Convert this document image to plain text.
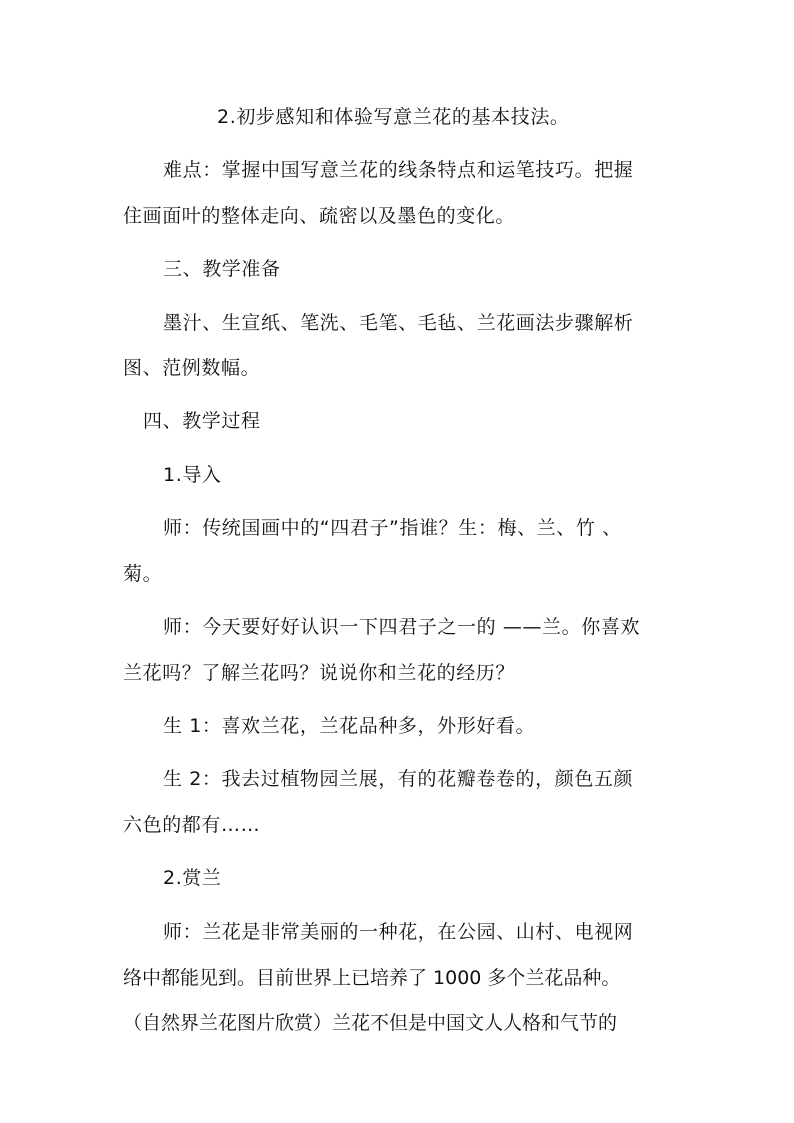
2.初步感知和体验写意兰花的基本技法。
难点：掌握中国写意兰花的线条特点和运笔技巧。把握
住画面叶的整体走向、疏密以及墨色的变化。
三、教学准备
墨汁、生宣纸、笔洗、毛笔、毛毡、兰花画法步骤解析
图、范例数幅。
四、教学过程
1.导入
师：传统国画中的“四君子”指谁？生：梅、兰、竹 、
菊。
师：今天要好好认识一下四君子之一的 ——兰。你喜欢
兰花吗？了解兰花吗？说说你和兰花的经历？
生 1：喜欢兰花，兰花品种多，外形好看。
生 2：我去过植物园兰展，有的花瓣卷卷的，颜色五颜
六色的都有……
2.赏兰
师：兰花是非常美丽的一种花，在公园、山村、电视网
络中都能见到。目前世界上已培养了 1000 多个兰花品种。
（自然界兰花图片欣赏）兰花不但是中国文人人格和气节的
